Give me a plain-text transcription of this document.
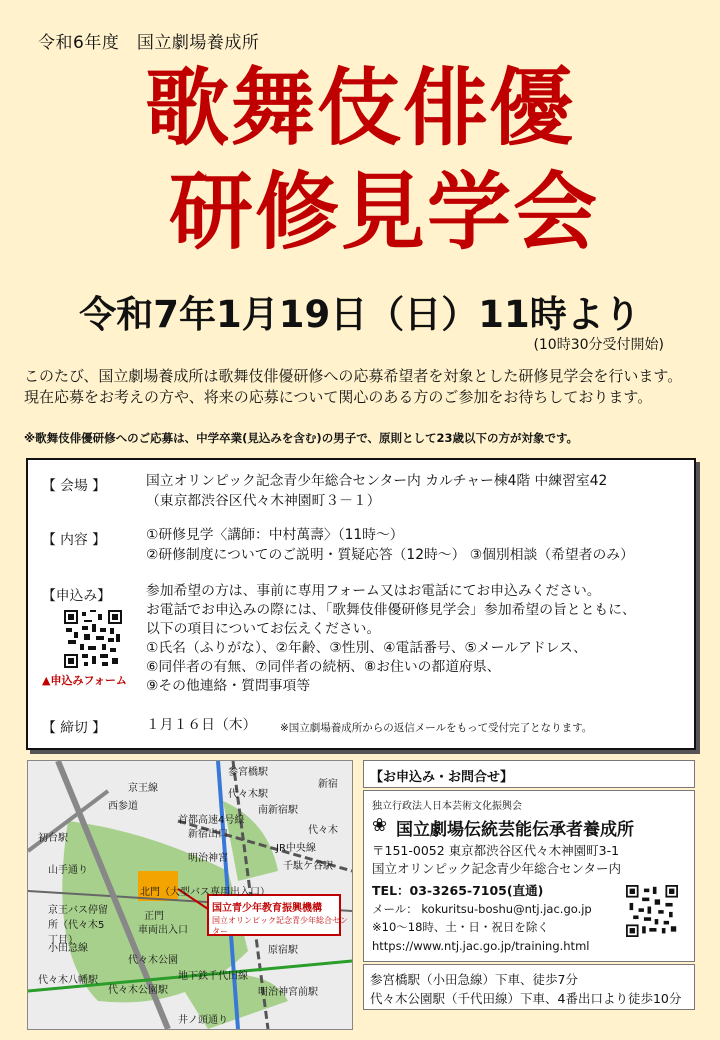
令和6年度　国立劇場養成所
歌舞伎俳優
研修見学会
令和7年1月19日（日）11時より
(10時30分受付開始)
このたび、国立劇場養成所は歌舞伎俳優研修への応募希望者を対象とした研修見学会を行います。現在応募をお考えの方や、将来の応募について関心のある方のご参加をお待ちしております。
※歌舞伎俳優研修へのご応募は、中学卒業(見込みを含む)の男子で、原則として23歳以下の方が対象です。
【 会場 】	国立オリンピック記念青少年総合センター内 カルチャー棟4階 中練習室42
（東京都渋谷区代々木神園町３－１）
【 内容 】	①研修見学〈講師：中村萬壽〉（11時～）
②研修制度についてのご説明・質疑応答（12時～） ③個別相談（希望者のみ）
【申込み】
▲申込みフォーム
参加希望の方は、事前に専用フォーム又はお電話にてお申込みください。
お電話でお申込みの際には、「歌舞伎俳優研修見学会」参加希望の旨とともに、
以下の項目についてお伝えください。
①氏名（ふりがな）、②年齢、③性別、④電話番号、⑤メールアドレス、
⑥同伴者の有無、⑦同伴者の続柄、⑧お住いの都道府県、
⑨その他連絡・質問事項等
【 締切 】	１月１６日（木） ※国立劇場養成所からの返信メールをもって受付完了となります。
参宮橋駅
新宿
京王線
西参道
首都高速4号線
新宿出口
初台駅
JR中央線
千駄ケ谷駅
山手通り
明治神宮
代々木駅
南新宿駅
北門（大型バス専用出入口）
正門
車両出入口
京王バス停留所（代々木5丁目）
国立青少年教育振興機構
国立オリンピック記念青少年総合センター
代々木公園
代々木八幡駅
代々木公園駅
地下鉄千代田線
原宿駅
明治神宮前駅
井ノ頭通り
小田急線
代々木
【お申込み・お問合せ】
独立行政法人日本芸術文化振興会
❀ 国立劇場伝統芸能伝承者養成所
〒151-0052 東京都渋谷区代々木神園町3-1
国立オリンピック記念青少年総合センター内
TEL：03-3265-7105(直通)
メール： kokuritsu-boshu@ntj.jac.go.jp
※10～18時、土・日・祝日を除く
https://www.ntj.jac.go.jp/training.html
参宮橋駅（小田急線）下車、徒歩7分
代々木公園駅（千代田線）下車、4番出口より徒歩10分
